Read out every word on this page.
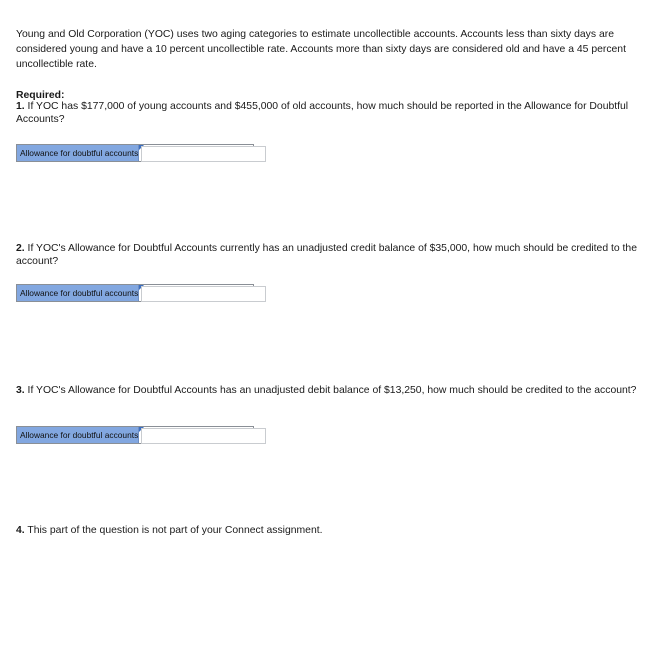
Young and Old Corporation (YOC) uses two aging categories to estimate uncollectible accounts. Accounts less than sixty days are considered young and have a 10 percent uncollectible rate. Accounts more than sixty days are considered old and have a 45 percent uncollectible rate.

Required:

1. If YOC has $177,000 of young accounts and $455,000 of old accounts, how much should be reported in the Allowance for Doubtful Accounts?

Allowance for doubtful accounts

2. If YOC's Allowance for Doubtful Accounts currently has an unadjusted credit balance of $35,000, how much should be credited to the account?

Allowance for doubtful accounts

3. If YOC's Allowance for Doubtful Accounts has an unadjusted debit balance of $13,250, how much should be credited to the account?

Allowance for doubtful accounts

4. This part of the question is not part of your Connect assignment.
